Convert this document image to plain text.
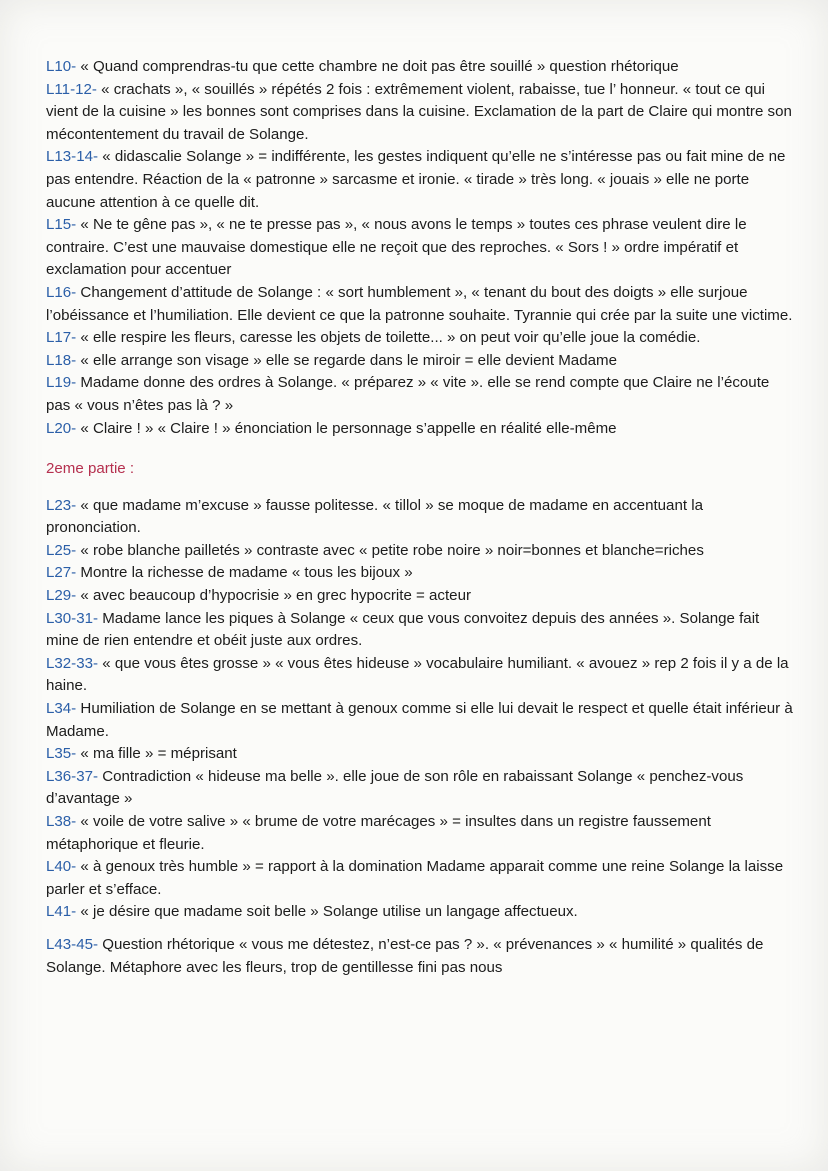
L10- « Quand comprendras-tu que cette chambre ne doit pas être souillé » question rhétorique

L11-12- « crachats », « souillés » répétés 2 fois : extrêmement violent, rabaisse, tue l’ honneur. « tout ce qui vient de la cuisine » les bonnes sont comprises dans la cuisine. Exclamation de la part de Claire qui montre son mécontentement du travail de Solange.

L13-14- « didascalie Solange » = indifférente, les gestes indiquent qu’elle ne s’intéresse pas ou fait mine de ne pas entendre. Réaction de la « patronne » sarcasme et ironie. « tirade » très long. « jouais » elle ne porte aucune attention à ce quelle dit.

L15- « Ne te gêne pas », « ne te presse pas », « nous avons le temps » toutes ces phrase veulent dire le contraire. C’est une mauvaise domestique elle ne reçoit que des reproches. « Sors ! » ordre impératif et exclamation pour accentuer

L16- Changement d’attitude de Solange : « sort humblement », « tenant du bout des doigts » elle surjoue l’obéissance et l’humiliation. Elle devient ce que la patronne souhaite. Tyrannie qui crée par la suite une victime.

L17- « elle respire les fleurs, caresse les objets de toilette... » on peut voir qu’elle joue la comédie.

L18- « elle arrange son visage » elle se regarde dans le miroir = elle devient Madame

L19- Madame donne des ordres à Solange. « préparez » « vite ». elle se rend compte que Claire ne l’écoute pas « vous n’êtes pas là ? »

L20- « Claire ! » « Claire ! » énonciation le personnage s’appelle en réalité elle-même

2eme partie :

L23- « que madame m’excuse » fausse politesse. « tillol » se moque de madame en accentuant la prononciation.

L25- « robe blanche pailletés » contraste avec « petite robe noire » noir=bonnes et blanche=riches

L27- Montre la richesse de madame « tous les bijoux »

L29- « avec beaucoup d’hypocrisie » en grec hypocrite = acteur

L30-31- Madame lance les piques à Solange « ceux que vous convoitez depuis des années ». Solange fait mine de rien entendre et obéit juste aux ordres.

L32-33- « que vous êtes grosse » « vous êtes hideuse » vocabulaire humiliant. « avouez » rep 2 fois il y a de la haine.

L34- Humiliation de Solange en se mettant à genoux comme si elle lui devait le respect et quelle était inférieur à Madame.

L35- « ma fille » = méprisant

L36-37- Contradiction « hideuse ma belle ». elle joue de son rôle en rabaissant Solange « penchez-vous d’avantage »

L38- « voile de votre salive » « brume de votre marécages » = insultes dans un registre faussement métaphorique et fleurie.

L40- « à genoux très humble » = rapport à la domination Madame apparait comme une reine Solange la laisse parler et s’efface.

L41- « je désire que madame soit belle » Solange utilise un langage affectueux.

L43-45- Question rhétorique « vous me détestez, n’est-ce pas ? ». « prévenances » « humilité » qualités de Solange. Métaphore avec les fleurs, trop de gentillesse fini pas nous
